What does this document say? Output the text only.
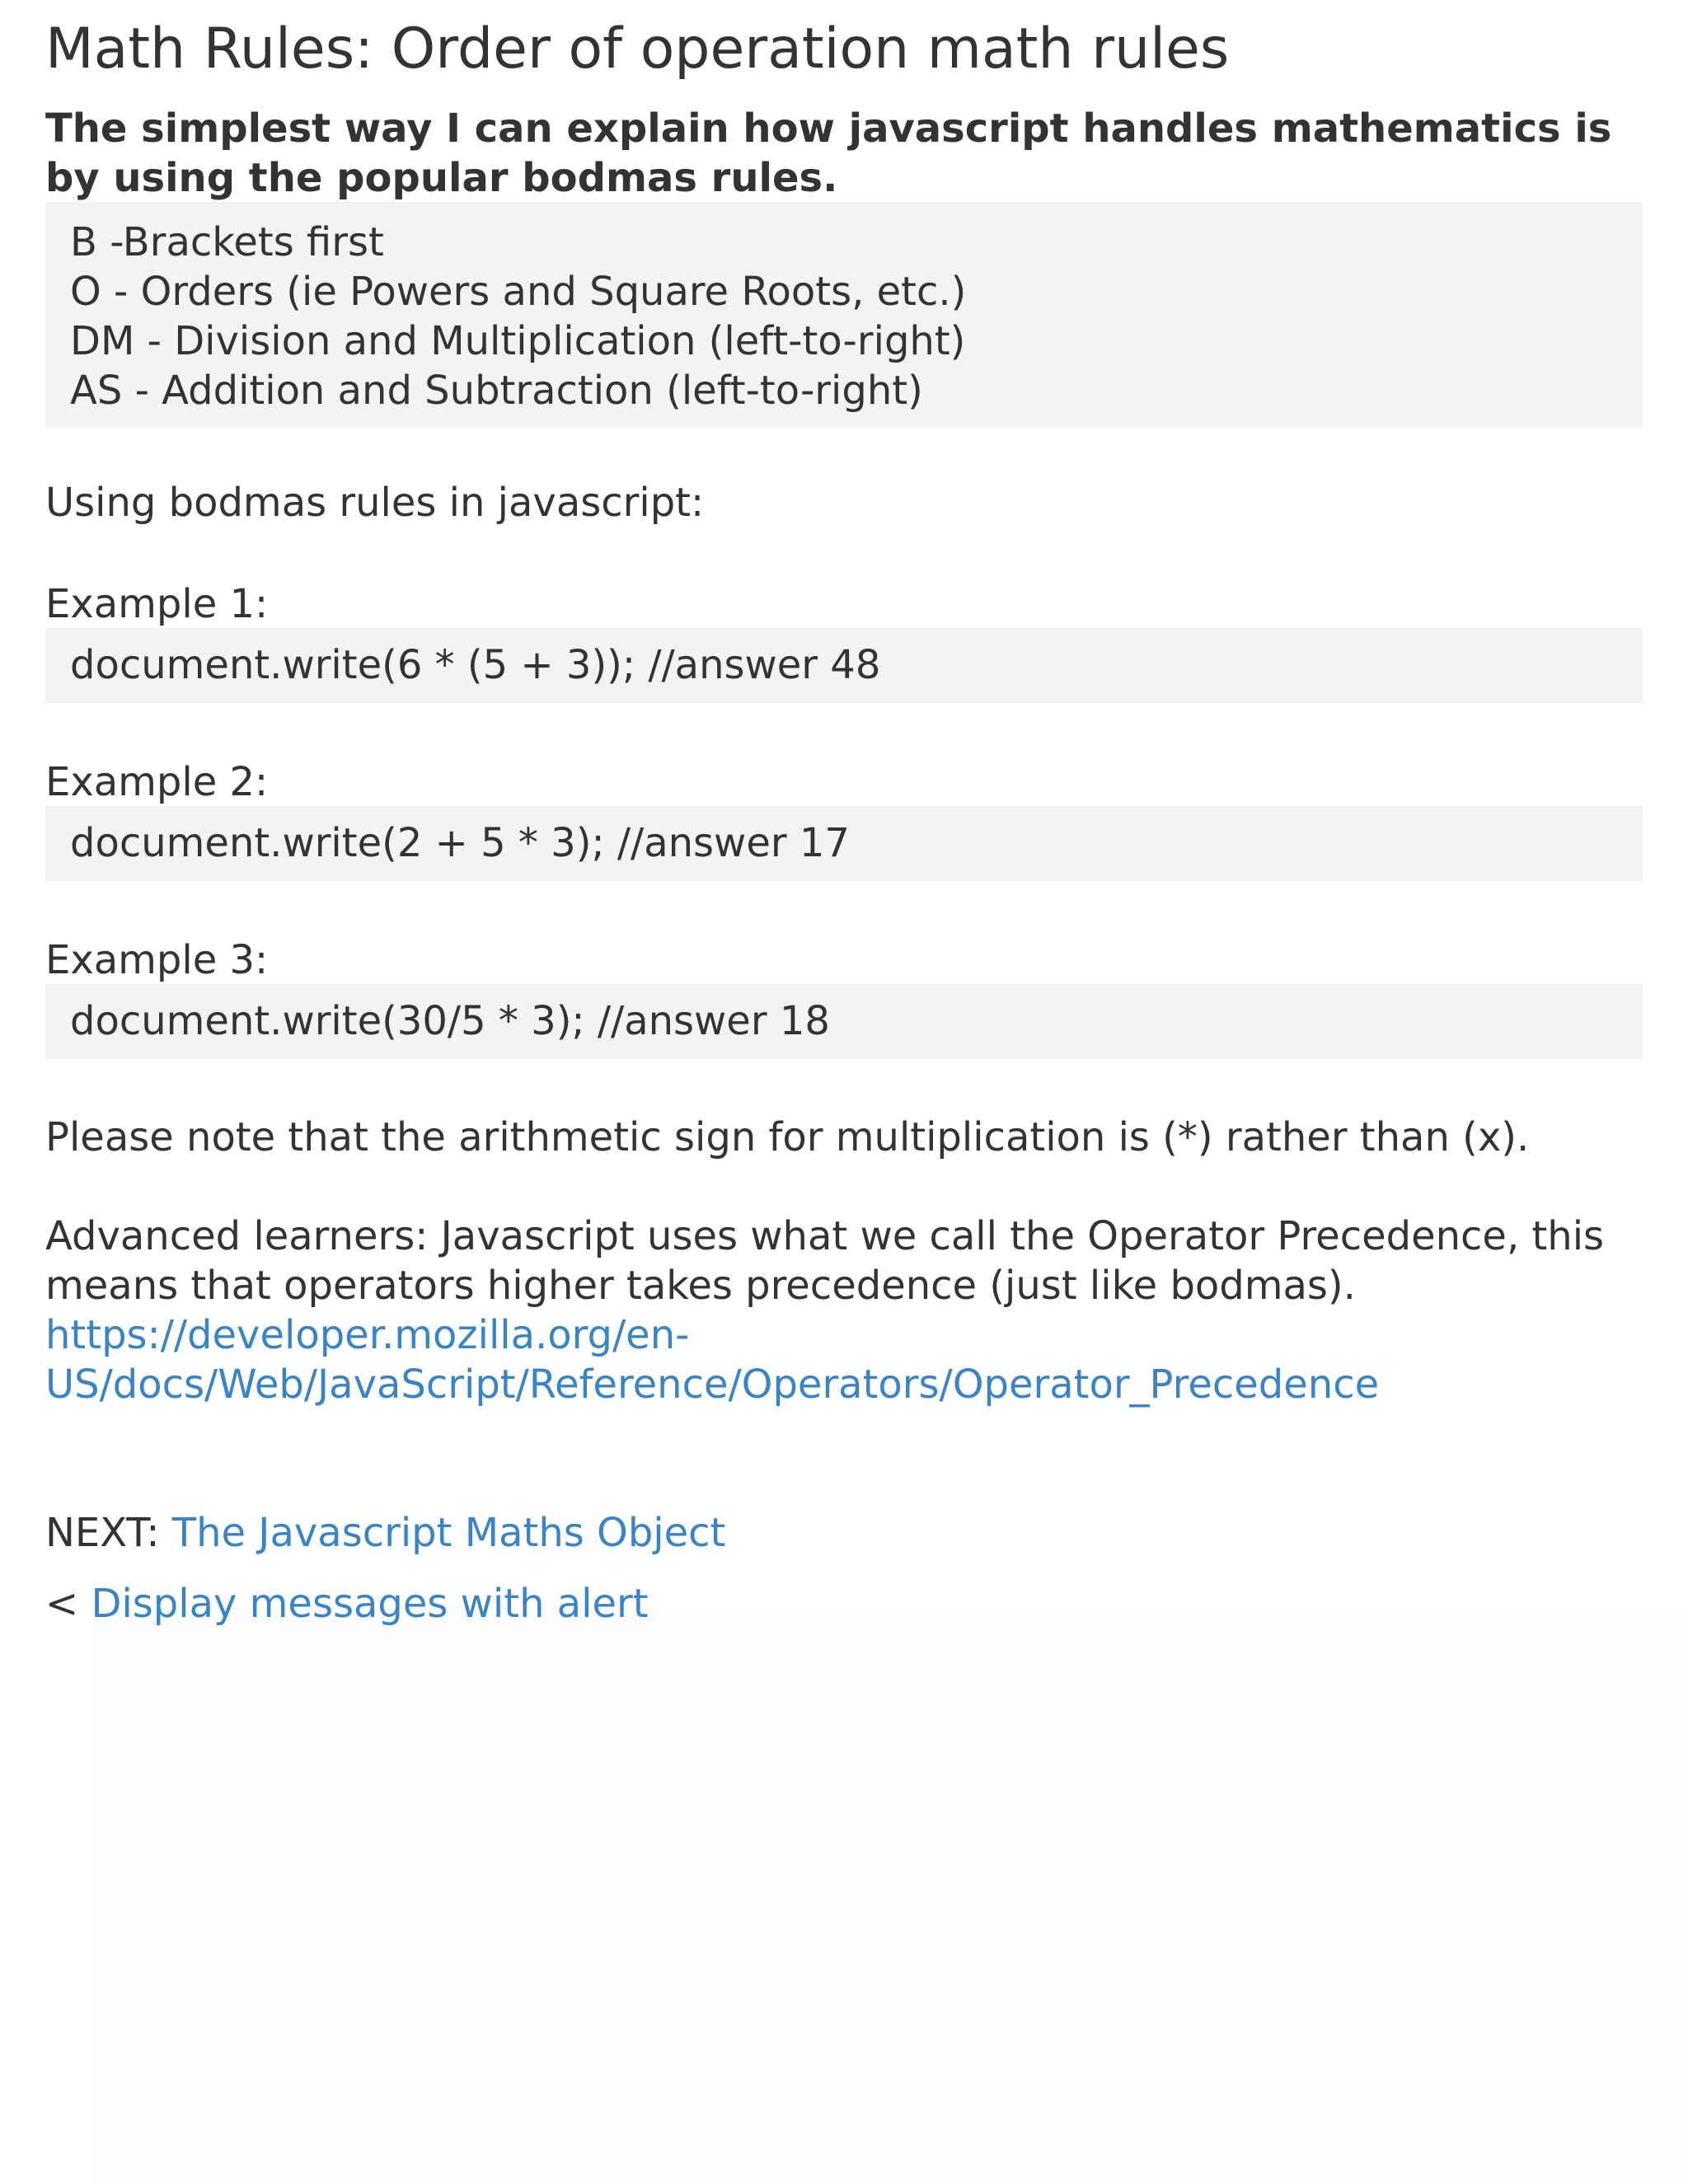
Math Rules: Order of operation math rules

The simplest way I can explain how javascript handles mathematics is by using the popular bodmas rules.

B -Brackets first
O - Orders (ie Powers and Square Roots, etc.)
DM - Division and Multiplication (left-to-right)
AS - Addition and Subtraction (left-to-right)

Using bodmas rules in javascript:

Example 1:

document.write(6 * (5 + 3)); //answer 48

Example 2:

document.write(2 + 5 * 3); //answer 17

Example 3:

document.write(30/5 * 3); //answer 18

Please note that the arithmetic sign for multiplication is (*) rather than (x).

Advanced learners: Javascript uses what we call the Operator Precedence, this means that operators higher takes precedence (just like bodmas).
https://developer.mozilla.org/en-
US/docs/Web/JavaScript/Reference/Operators/Operator_Precedence

NEXT: The Javascript Maths Object

< Display messages with alert
